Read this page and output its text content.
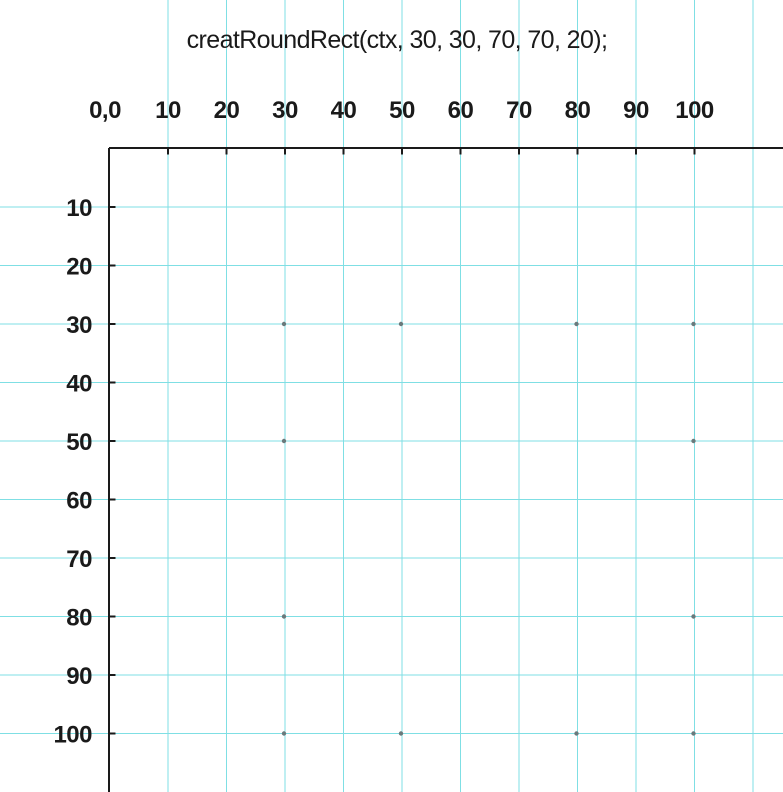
creatRoundRect(ctx, 30, 30, 70, 70, 20);
0,0 10 20 30 40 50 60 70 80 90 100
10
20
30
40
50
60
70
80
90
100
